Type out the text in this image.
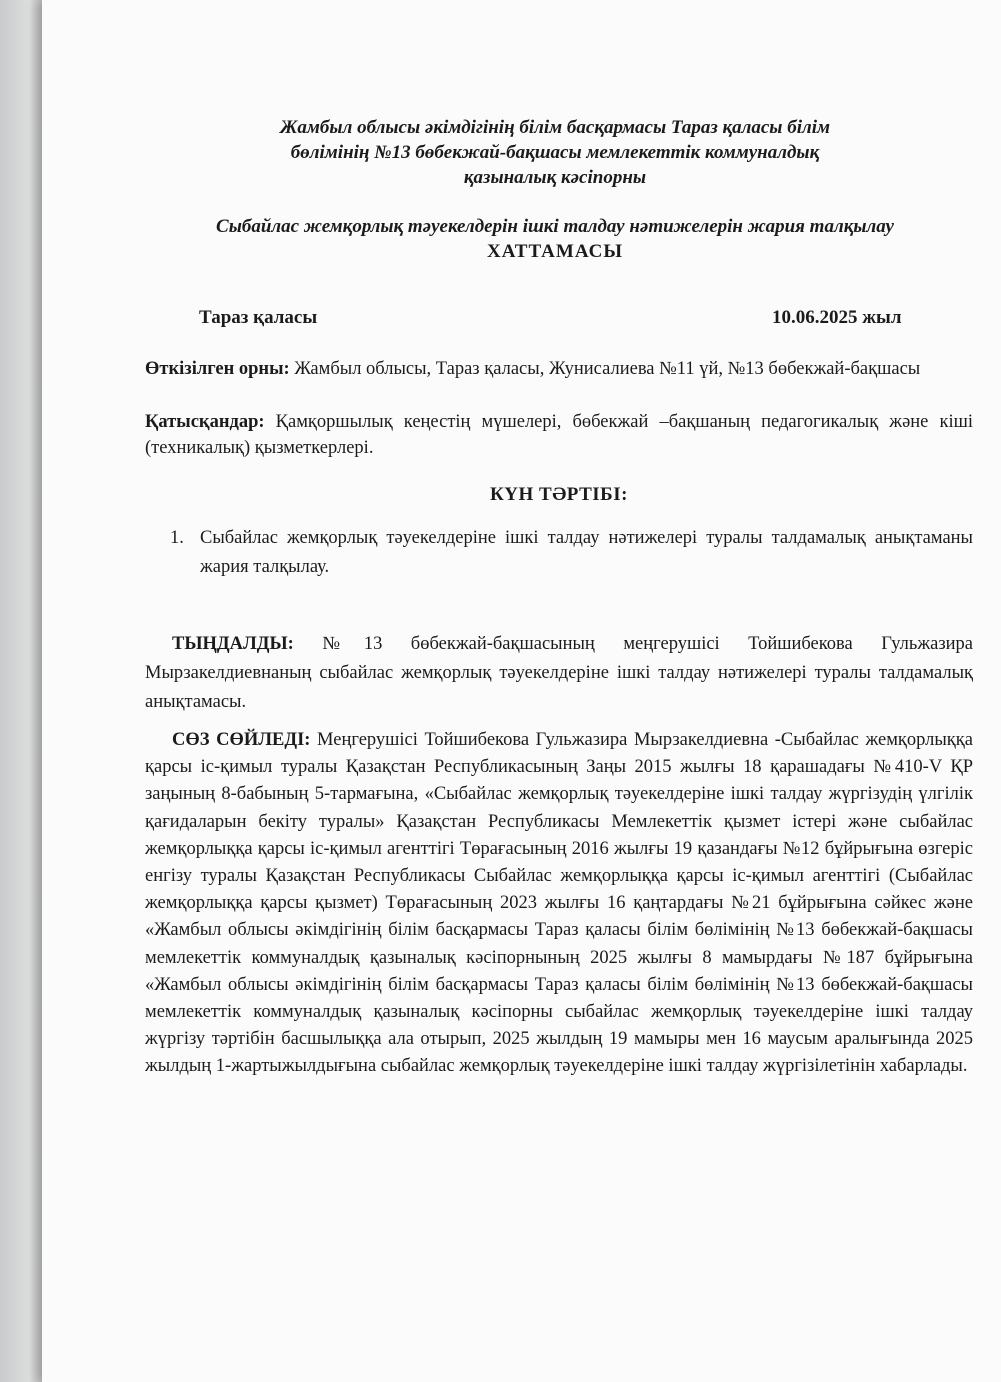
Жамбыл облысы әкімдігінің білім басқармасы Тараз қаласы білім
бөлімінің №13 бөбекжай-бақшасы мемлекеттік коммуналдық
қазыналық кәсіпорны
Сыбайлас жемқорлық тәуекелдерін ішкі талдау нәтижелерін жария талқылау
ХАТТАМАСЫ
Тараз қаласы	10.06.2025 жыл
Өткізілген орны: Жамбыл облысы, Тараз қаласы, Жунисалиева №11 үй, №13 бөбекжай-бақшасы
Қатысқандар: Қамқоршылық кеңестің мүшелері, бөбекжай –бақшаның педагогикалық және кіші (техникалық) қызметкерлері.
КҮН ТӘРТІБІ:
1. Сыбайлас жемқорлық тәуекелдеріне ішкі талдау нәтижелері туралы талдамалық анықтаманы жария талқылау.
ТЫҢДАЛДЫ: №13 бөбекжай-бақшасының меңгерушісі Тойшибекова Гульжазира Мырзакелдиевнаның сыбайлас жемқорлық тәуекелдеріне ішкі талдау нәтижелері туралы талдамалық анықтамасы.
СӨЗ СӨЙЛЕДІ: Меңгерушісі Тойшибекова Гульжазира Мырзакелдиевна -Сыбайлас жемқорлыққа қарсы іс-қимыл туралы Қазақстан Республикасының Заңы 2015 жылғы 18 қарашадағы №410-V ҚР заңының 8-бабының 5-тармағына, «Сыбайлас жемқорлық тәуекелдеріне ішкі талдау жүргізудің үлгілік қағидаларын бекіту туралы» Қазақстан Республикасы Мемлекеттік қызмет істері және сыбайлас жемқорлыққа қарсы іс-қимыл агенттігі Төрағасының 2016 жылғы 19 қазандағы №12 бұйрығына өзгеріс енгізу туралы Қазақстан Республикасы Сыбайлас жемқорлыққа қарсы іс-қимыл агенттігі (Сыбайлас жемқорлыққа қарсы қызмет) Төрағасының 2023 жылғы 16 қаңтардағы №21 бұйрығына сәйкес және «Жамбыл облысы әкімдігінің білім басқармасы Тараз қаласы білім бөлімінің №13 бөбекжай-бақшасы мемлекеттік коммуналдық қазыналық кәсіпорнының 2025 жылғы 8 мамырдағы №187 бұйрығына «Жамбыл облысы әкімдігінің білім басқармасы Тараз қаласы білім бөлімінің №13 бөбекжай-бақшасы мемлекеттік коммуналдық қазыналық кәсіпорны сыбайлас жемқорлық тәуекелдеріне ішкі талдау жүргізу тәртібін басшылыққа ала отырып, 2025 жылдың 19 мамыры мен 16 маусым аралығында 2025 жылдың 1-жартыжылдығына сыбайлас жемқорлық тәуекелдеріне ішкі талдау жүргізілетінін хабарлады.
